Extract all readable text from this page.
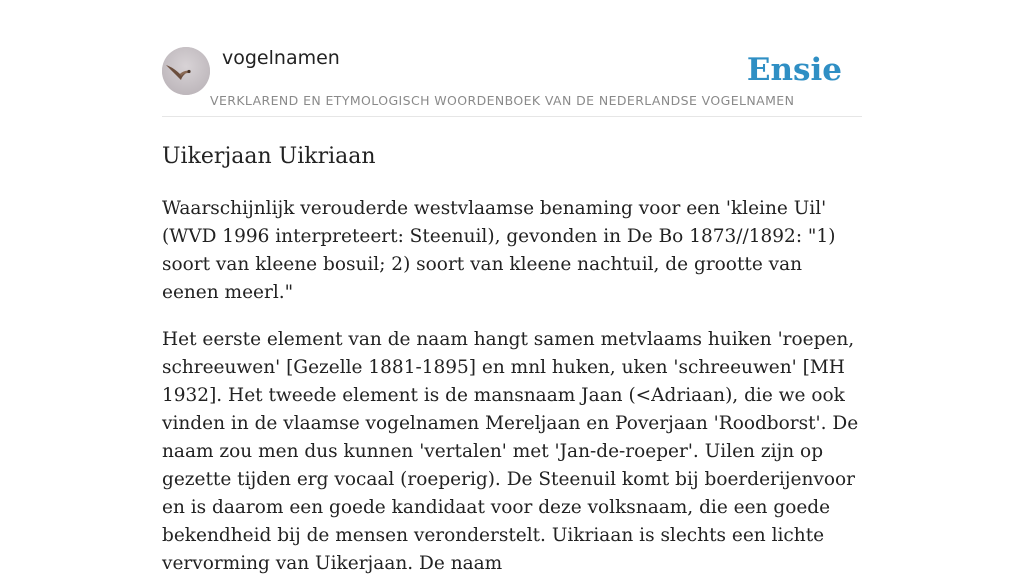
vogelnamen	Ensie
VERKLAREND EN ETYMOLOGISCH WOORDENBOEK VAN DE NEDERLANDSE VOGELNAMEN
Uikerjaan Uikriaan

Waarschijnlijk verouderde westvlaamse benaming voor een 'kleine Uil' (WVD 1996 interpreteert: Steenuil), gevonden in De Bo 1873//1892: "1) soort van kleene bosuil; 2) soort van kleene nachtuil, de grootte van eenen meerl."

Het eerste element van de naam hangt samen metvlaams huiken 'roepen, schreeuwen' [Gezelle 1881-1895] en mnl huken, uken 'schreeuwen' [MH 1932]. Het tweede element is de mansnaam Jaan (<Adriaan), die we ook vinden in de vlaamse vogelnamen Mereljaan en Poverjaan 'Roodborst'. De naam zou men dus kunnen 'vertalen' met 'Jan-de-roeper'. Uilen zijn op gezette tijden erg vocaal (roeperig). De Steenuil komt bij boerderijenvoor en is daarom een goede kandidaat voor deze volksnaam, die een goede bekendheid bij de mensen veronderstelt. Uikriaan is slechts een lichte vervorming van Uikerjaan. De naam
